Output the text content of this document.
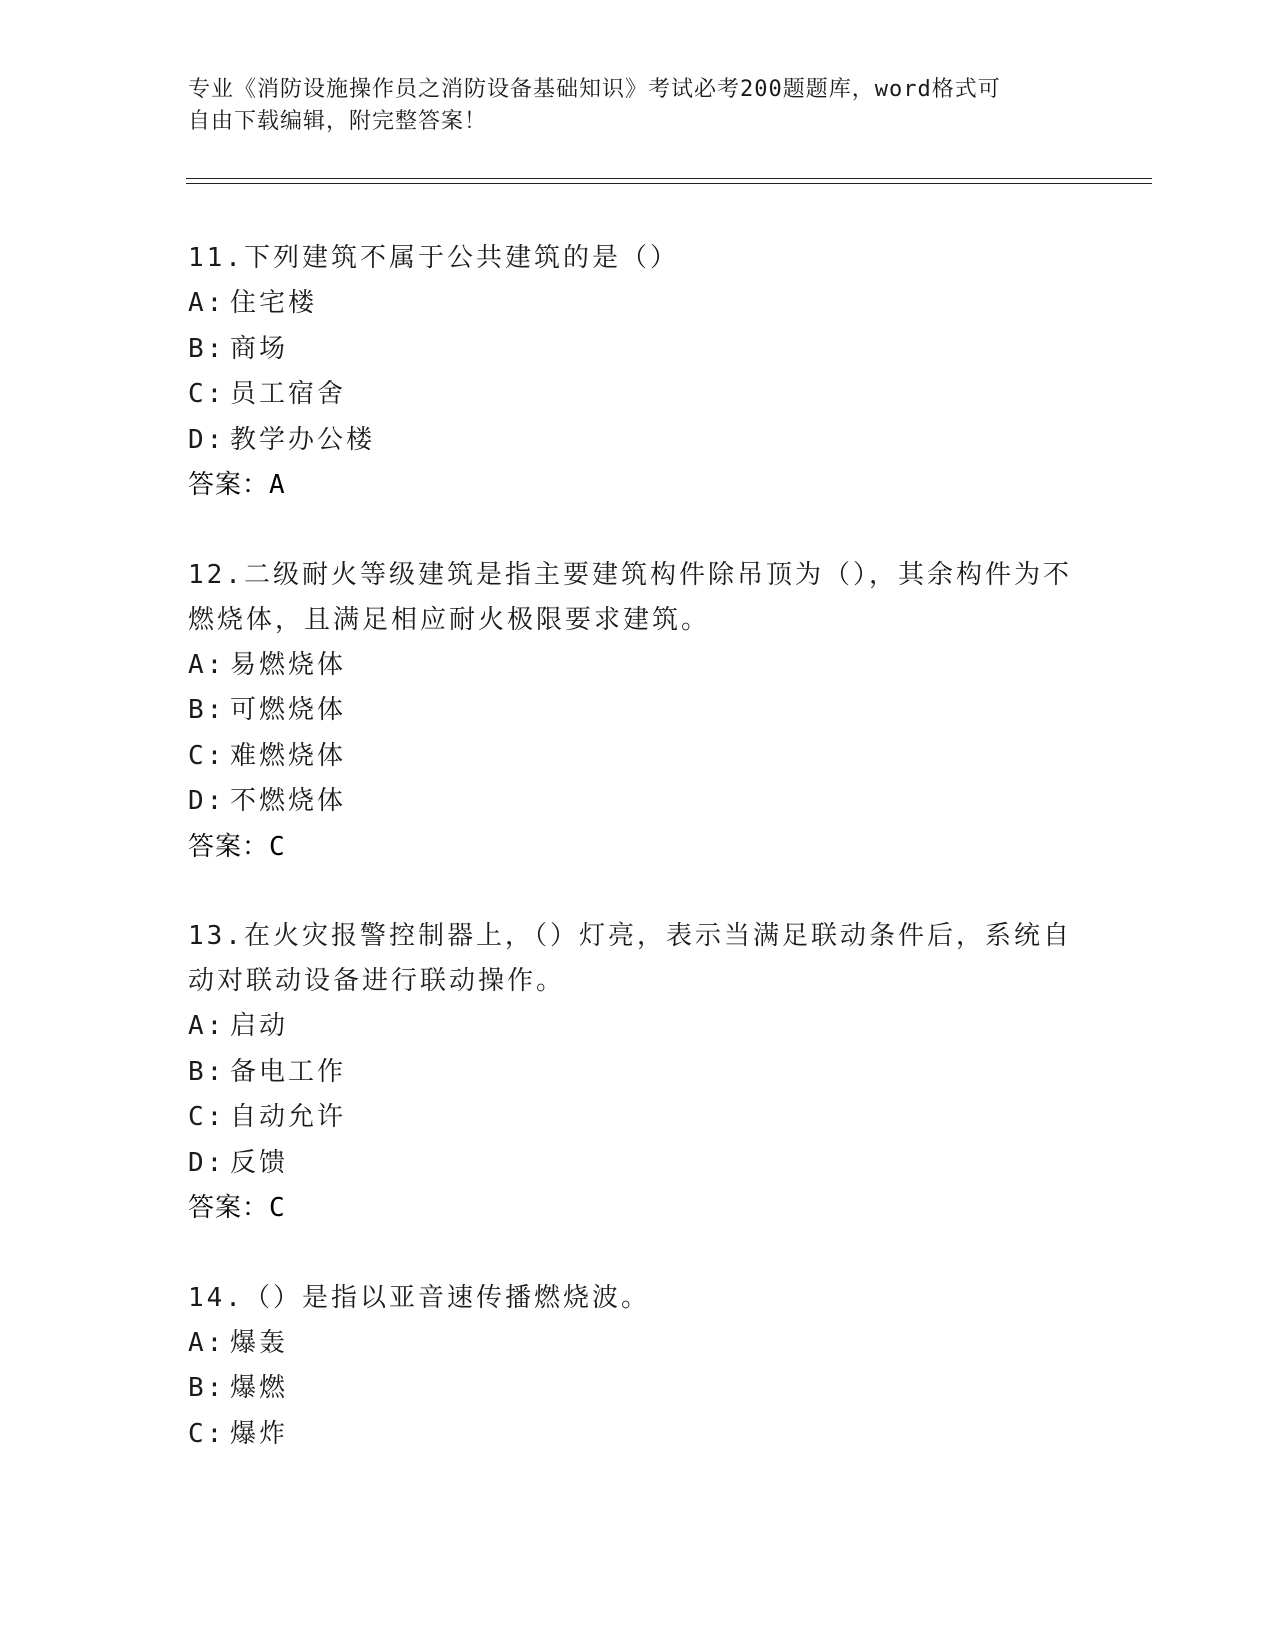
专业《消防设施操作员之消防设备基础知识》考试必考200题题库，word格式可
自由下载编辑，附完整答案！

11.下列建筑不属于公共建筑的是（）

A: 住宅楼
B: 商场
C: 员工宿舍
D: 教学办公楼
答案：A

12.二级耐火等级建筑是指主要建筑构件除吊顶为（），其余构件为不燃烧体，且满足相应耐火极限要求建筑。

A: 易燃烧体
B: 可燃烧体
C: 难燃烧体
D: 不燃烧体
答案：C

13.在火灾报警控制器上，（）灯亮，表示当满足联动条件后，系统自动对联动设备进行联动操作。

A: 启动
B: 备电工作
C: 自动允许
D: 反馈
答案：C

14.（）是指以亚音速传播燃烧波。

A: 爆轰
B: 爆燃
C: 爆炸
